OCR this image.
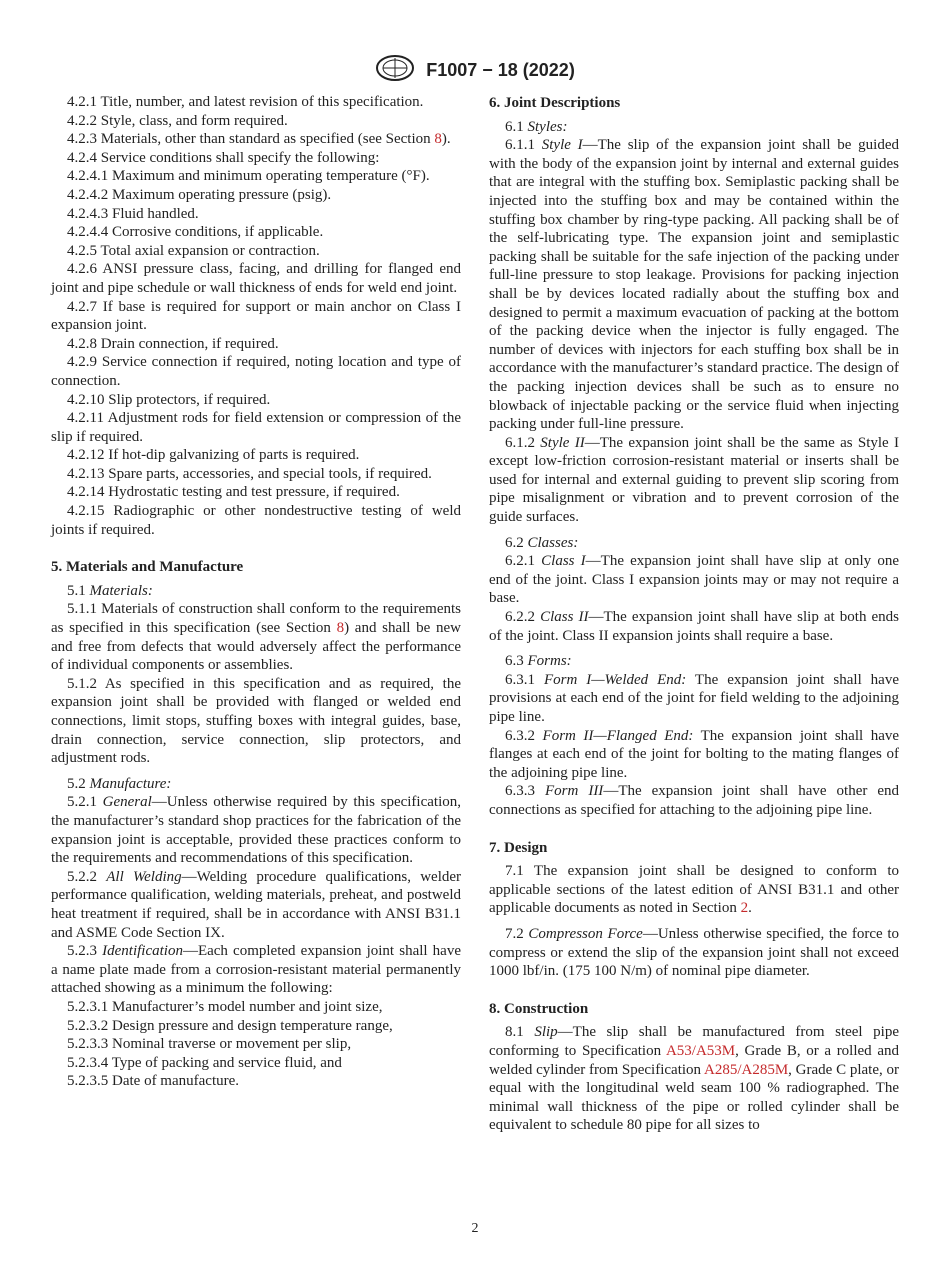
F1007 − 18 (2022)

4.2.1 Title, number, and latest revision of this specification.

4.2.2 Style, class, and form required.

4.2.3 Materials, other than standard as specified (see Section 8).

4.2.4 Service conditions shall specify the following:

4.2.4.1 Maximum and minimum operating temperature (°F).

4.2.4.2 Maximum operating pressure (psig).

4.2.4.3 Fluid handled.

4.2.4.4 Corrosive conditions, if applicable.

4.2.5 Total axial expansion or contraction.

4.2.6 ANSI pressure class, facing, and drilling for flanged end joint and pipe schedule or wall thickness of ends for weld end joint.

4.2.7 If base is required for support or main anchor on Class I expansion joint.

4.2.8 Drain connection, if required.

4.2.9 Service connection if required, noting location and type of connection.

4.2.10 Slip protectors, if required.

4.2.11 Adjustment rods for field extension or compression of the slip if required.

4.2.12 If hot-dip galvanizing of parts is required.

4.2.13 Spare parts, accessories, and special tools, if required.

4.2.14 Hydrostatic testing and test pressure, if required.

4.2.15 Radiographic or other nondestructive testing of weld joints if required.

5. Materials and Manufacture

5.1 Materials:

5.1.1 Materials of construction shall conform to the requirements as specified in this specification (see Section 8) and shall be new and free from defects that would adversely affect the performance of individual components or assemblies.

5.1.2 As specified in this specification and as required, the expansion joint shall be provided with flanged or welded end connections, limit stops, stuffing boxes with integral guides, base, drain connection, service connection, slip protectors, and adjustment rods.

5.2 Manufacture:

5.2.1 General—Unless otherwise required by this specification, the manufacturer’s standard shop practices for the fabrication of the expansion joint is acceptable, provided these practices conform to the requirements and recommendations of this specification.

5.2.2 All Welding—Welding procedure qualifications, welder performance qualification, welding materials, preheat, and postweld heat treatment if required, shall be in accordance with ANSI B31.1 and ASME Code Section IX.

5.2.3 Identification—Each completed expansion joint shall have a name plate made from a corrosion-resistant material permanently attached showing as a minimum the following:

5.2.3.1 Manufacturer’s model number and joint size,

5.2.3.2 Design pressure and design temperature range,

5.2.3.3 Nominal traverse or movement per slip,

5.2.3.4 Type of packing and service fluid, and

5.2.3.5 Date of manufacture.

6. Joint Descriptions

6.1 Styles:

6.1.1 Style I—The slip of the expansion joint shall be guided with the body of the expansion joint by internal and external guides that are integral with the stuffing box. Semiplastic packing shall be injected into the stuffing box and may be contained within the stuffing box chamber by ring-type packing. All packing shall be of the self-lubricating type. The expansion joint and semiplastic packing shall be suitable for the safe injection of the packing under full-line pressure to stop leakage. Provisions for packing injection shall be by devices located radially about the stuffing box and designed to permit a maximum evacuation of packing at the bottom of the packing device when the injector is fully engaged. The number of devices with injectors for each stuffing box shall be in accordance with the manufacturer’s standard practice. The design of the packing injection devices shall be such as to ensure no blowback of injectable packing or the service fluid when injecting packing under full-line pressure.

6.1.2 Style II—The expansion joint shall be the same as Style I except low-friction corrosion-resistant material or inserts shall be used for internal and external guiding to prevent slip scoring from pipe misalignment or vibration and to prevent corrosion of the guide surfaces.

6.2 Classes:

6.2.1 Class I—The expansion joint shall have slip at only one end of the joint. Class I expansion joints may or may not require a base.

6.2.2 Class II—The expansion joint shall have slip at both ends of the joint. Class II expansion joints shall require a base.

6.3 Forms:

6.3.1 Form I—Welded End: The expansion joint shall have provisions at each end of the joint for field welding to the adjoining pipe line.

6.3.2 Form II—Flanged End: The expansion joint shall have flanges at each end of the joint for bolting to the mating flanges of the adjoining pipe line.

6.3.3 Form III—The expansion joint shall have other end connections as specified for attaching to the adjoining pipe line.

7. Design

7.1 The expansion joint shall be designed to conform to applicable sections of the latest edition of ANSI B31.1 and other applicable documents as noted in Section 2.

7.2 Compresson Force—Unless otherwise specified, the force to compress or extend the slip of the expansion joint shall not exceed 1000 lbf/in. (175 100 N/m) of nominal pipe diameter.

8. Construction

8.1 Slip—The slip shall be manufactured from steel pipe conforming to Specification A53/A53M, Grade B, or a rolled and welded cylinder from Specification A285/A285M, Grade C plate, or equal with the longitudinal weld seam 100 % radiographed. The minimal wall thickness of the pipe or rolled cylinder shall be equivalent to schedule 80 pipe for all sizes to

2
